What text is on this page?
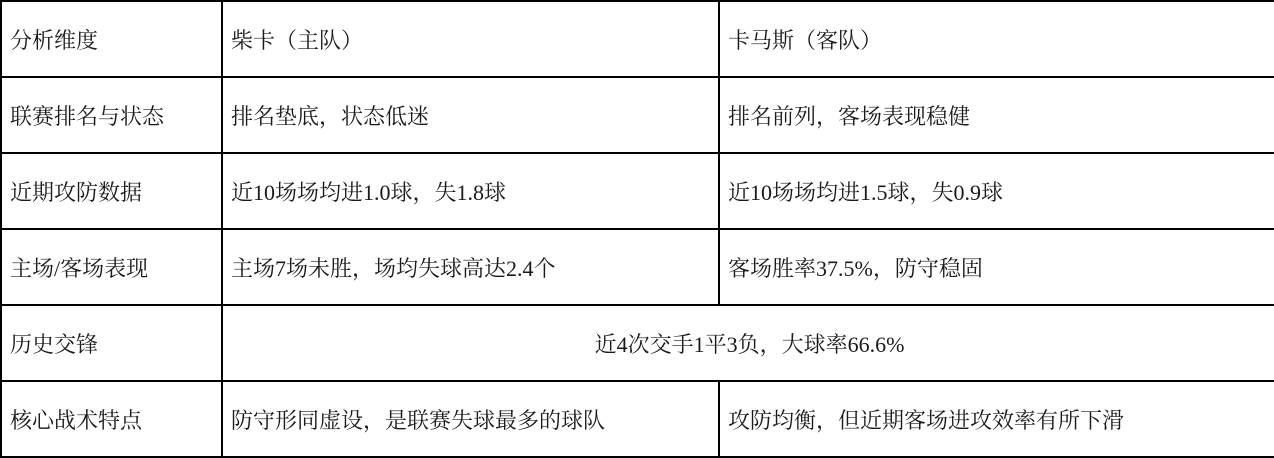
分析维度	柴卡（主队）	卡马斯（客队）
联赛排名与状态	排名垫底，状态低迷	排名前列，客场表现稳健
近期攻防数据	近10场场均进1.0球，失1.8球	近10场场均进1.5球，失0.9球
主场/客场表现	主场7场未胜，场均失球高达2.4个	客场胜率37.5%，防守稳固
历史交锋	近4次交手1平3负，大球率66.6%	
核心战术特点	防守形同虚设，是联赛失球最多的球队	攻防均衡，但近期客场进攻效率有所下滑
